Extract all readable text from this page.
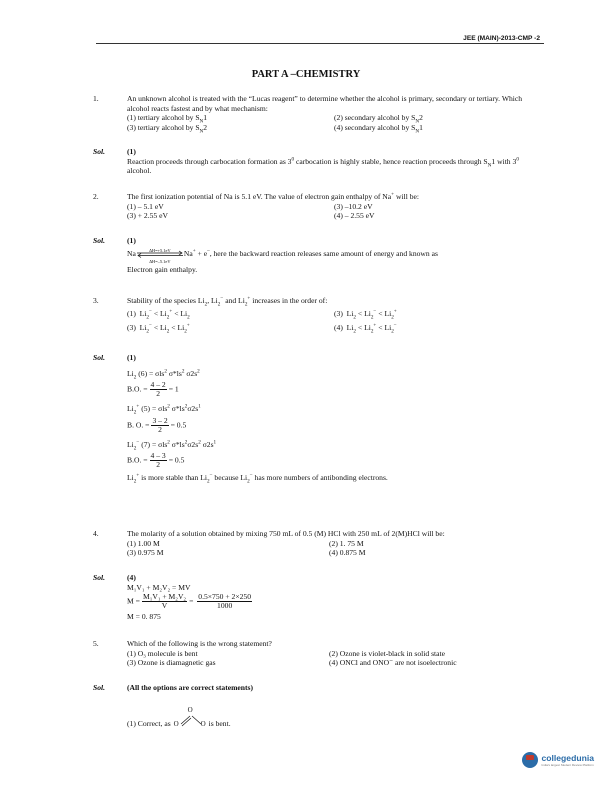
JEE (MAIN)-2013-CMP -2
PART A –CHEMISTRY
1.	An unknown alcohol is treated with the “Lucas reagent” to determine whether the alcohol is primary, secondary or tertiary. Which alcohol reacts fastest and by what mechanism:
(1) tertiary alcohol by $S_N1$	(2) secondary alcohol by $S_N2$
(3) tertiary alcohol by $S_N2$	(4) secondary alcohol by $S_N1$
Sol.	(1)
Reaction proceeds through carbocation formation as $3^0$ carbocation is highly stable, hence reaction proceeds through $S_N1$ with $3^0$ alcohol.
2.	The first ionization potential of Na is 5.1 eV. The value of electron gain enthalpy of Na+ will be:
(1) – 5.1 eV	(3) –10.2 eV
(3) + 2.55 eV	(4) – 2.55 eV
Sol.	(1)
Na	ΔH=+5.1eV
ΔH=–5.1eV
Na+ + e–, here the backward reaction releases same amount of energy and known as
Electron gain enthalpy.
3.	Stability of the species $Li_2$, $Li_2^-$ and $Li_2^+$ increases in the order of:
(1)  $Li_2^- < Li_2^+ < Li_2$	(3)  $Li_2 < Li_2^- < Li_2^+$
(3)  $Li_2^- < Li_2 < Li_2^+$	(4)  $Li_2 < Li_2^+ < Li_2^-$
Sol.	(1)
$Li_2$ (6) = σls$^2$ $\sigma*ls^2$ $\sigma 2s^2$
B.O. = $\frac{4 - 2}{2} = 1$
$Li_2^+$ (5) = σls$^2$ $\sigma*ls^2\sigma 2s^1$
B. O. = $\frac{3 - 2}{2} = 0.5$
$Li_2^-$ (7) = σls$^2$ $\sigma*ls^2\sigma 2s^2$ $\sigma 2s^1$
B.O. = $\frac{4 - 3}{2} = 0.5$
$Li_2^+$ is more stable than $Li_2^-$ because $Li_2^-$ has more numbers of antibonding electrons.
4.	The molarity of a solution obtained by mixing 750 mL of 0.5 (M) HCl with 250 mL of 2(M)HCl will be:
(1) 1.00 M	(2) 1. 75 M
(3) 0.975 M	(4) 0.875 M
Sol.	(4)
M₁V₁ + M₂V₂ = MV
$M = \frac{\text{M₁V₁ + M₂V₂}}{V} = \frac{0.5\times 750 + 2\times 250}{1000}$
M = 0. 875
5.	Which of the following is the wrong statement?
(1) O₃ molecule is bent	(2) Ozone is violet-black in solid state
(3) Ozone is diamagnetic gas	(4) ONCl and ONO⁻ are not isoelectronic
Sol.	(All the options are correct statements)
(1) Correct, as O
O
O is bent.
collegedunia
India's largest Student Review Platform
